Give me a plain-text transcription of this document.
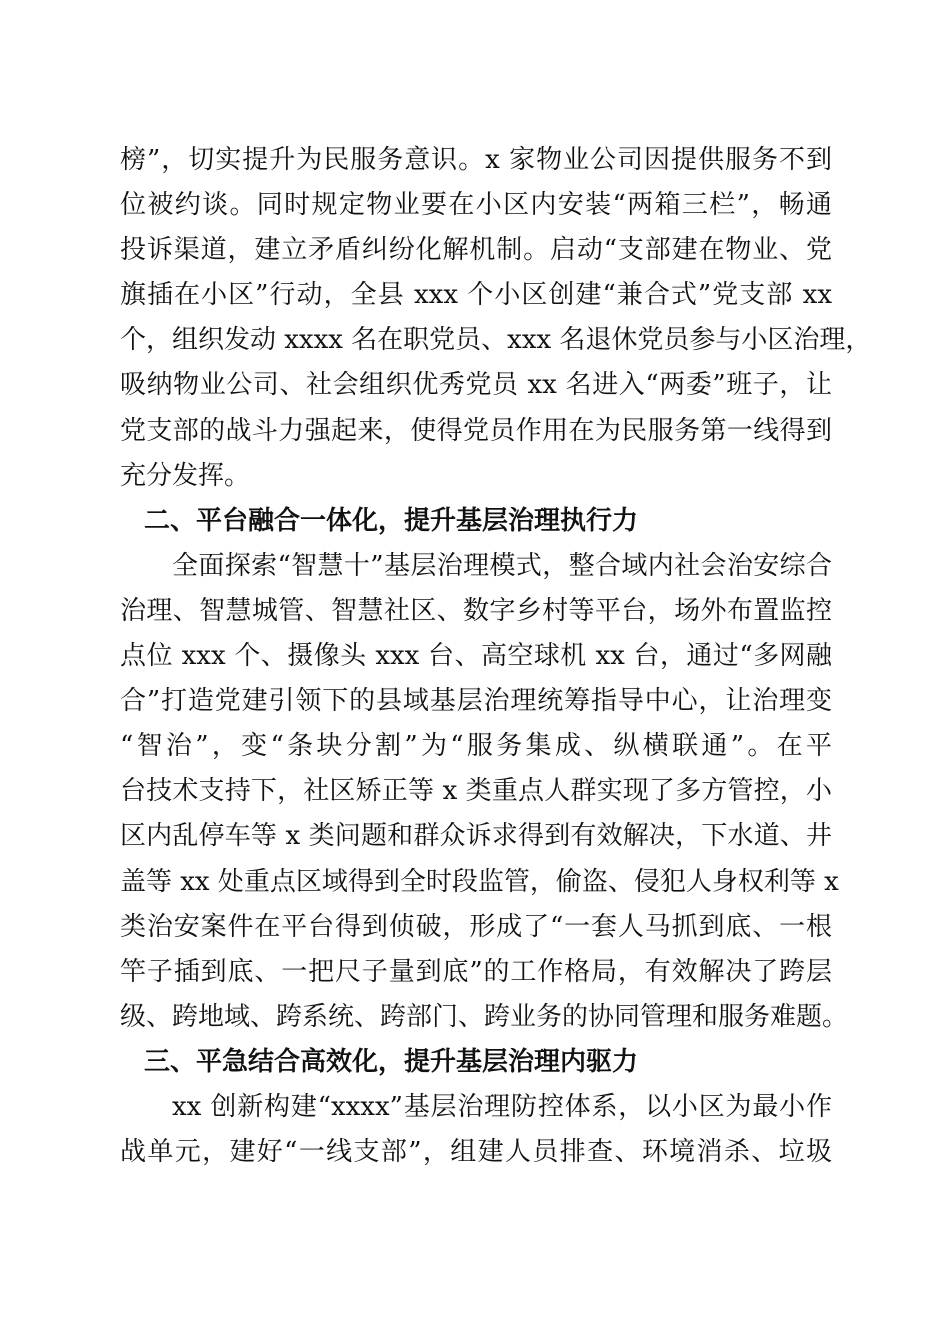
榜”，切实提升为民服务意识。x 家物业公司因提供服务不到
位被约谈。同时规定物业要在小区内安装“两箱三栏”，畅通
投诉渠道，建立矛盾纠纷化解机制。启动“支部建在物业、党
旗插在小区”行动，全县 xxx 个小区创建“兼合式”党支部 xx
个，组织发动 xxxx 名在职党员、xxx 名退休党员参与小区治理，
吸纳物业公司、社会组织优秀党员 xx 名进入“两委”班子，让
党支部的战斗力强起来，使得党员作用在为民服务第一线得到
充分发挥。
二、平台融合一体化，提升基层治理执行力
全面探索“智慧十”基层治理模式，整合域内社会治安综合
治理、智慧城管、智慧社区、数字乡村等平台，场外布置监控
点位 xxx 个、摄像头 xxx 台、高空球机 xx 台，通过“多网融
合”打造党建引领下的县域基层治理统筹指导中心，让治理变
“智治”，变“条块分割”为“服务集成、纵横联通”。在平
台技术支持下，社区矫正等 x 类重点人群实现了多方管控，小
区内乱停车等 x 类问题和群众诉求得到有效解决，下水道、井
盖等 xx 处重点区域得到全时段监管，偷盗、侵犯人身权利等 x
类治安案件在平台得到侦破，形成了“一套人马抓到底、一根
竿子插到底、一把尺子量到底”的工作格局，有效解决了跨层
级、跨地域、跨系统、跨部门、跨业务的协同管理和服务难题。
三、平急结合高效化，提升基层治理内驱力
xx 创新构建“xxxx”基层治理防控体系，以小区为最小作
战单元，建好“一线支部”，组建人员排查、环境消杀、垃圾
